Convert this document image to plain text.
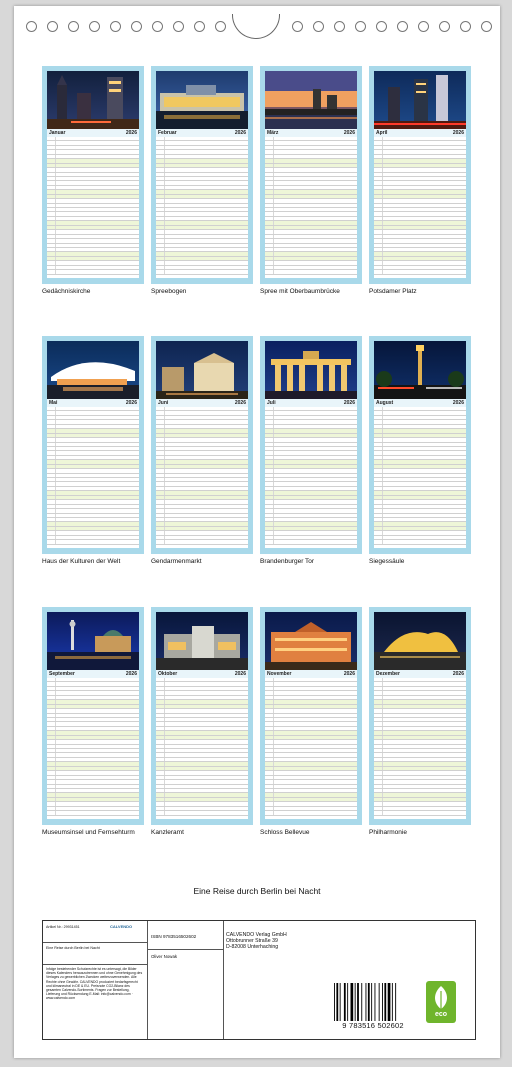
Januar	2026
Gedächniskirche
Februar	2026
Spreebogen
März	2026
Spree mit Oberbaumbrücke
April	2026
Potsdamer Platz
Mai	2026
Haus der Kulturen der Welt
Juni	2026
Gendarmenmarkt
Juli	2026
Brandenburger Tor
August	2026
Siegessäule
September	2026
Museumsinsel und Fernsehturm
Oktober	2026
Kanzleramt
November	2026
Schloss Bellevue
Dezember	2026
Philharmonie
Eine Reise durch Berlin bei Nacht
Artikel Nr.: 29931451	CALVENDO
Eine Reise durch Berlin bei Nacht
Infolge bestehender Schutzrechte ist es untersagt, die Bilder dieses Kalenders herauszutrennen und ohne Genehmigung des Verlages zu gewerblichen Zwecken weiterzuverwenden. Alle Rechte ohne Gewähr. CALVENDO produziert bedarfsgerecht und klimaneutral in DE & EU. Preisnote CO2-Bilanz des gesamten Calvendo-Sortiments. Fragen zur Bestellung, Lieferung und Rücksendung E-Mail: info@calvendo.com · www.calvendo.com
ISBN 9783516502602
Oliver Nowak
CALVENDO Verlag GmbH
Ottobrunner Straße 39
D-82008 Unterhaching
9 783516 502602
eco
